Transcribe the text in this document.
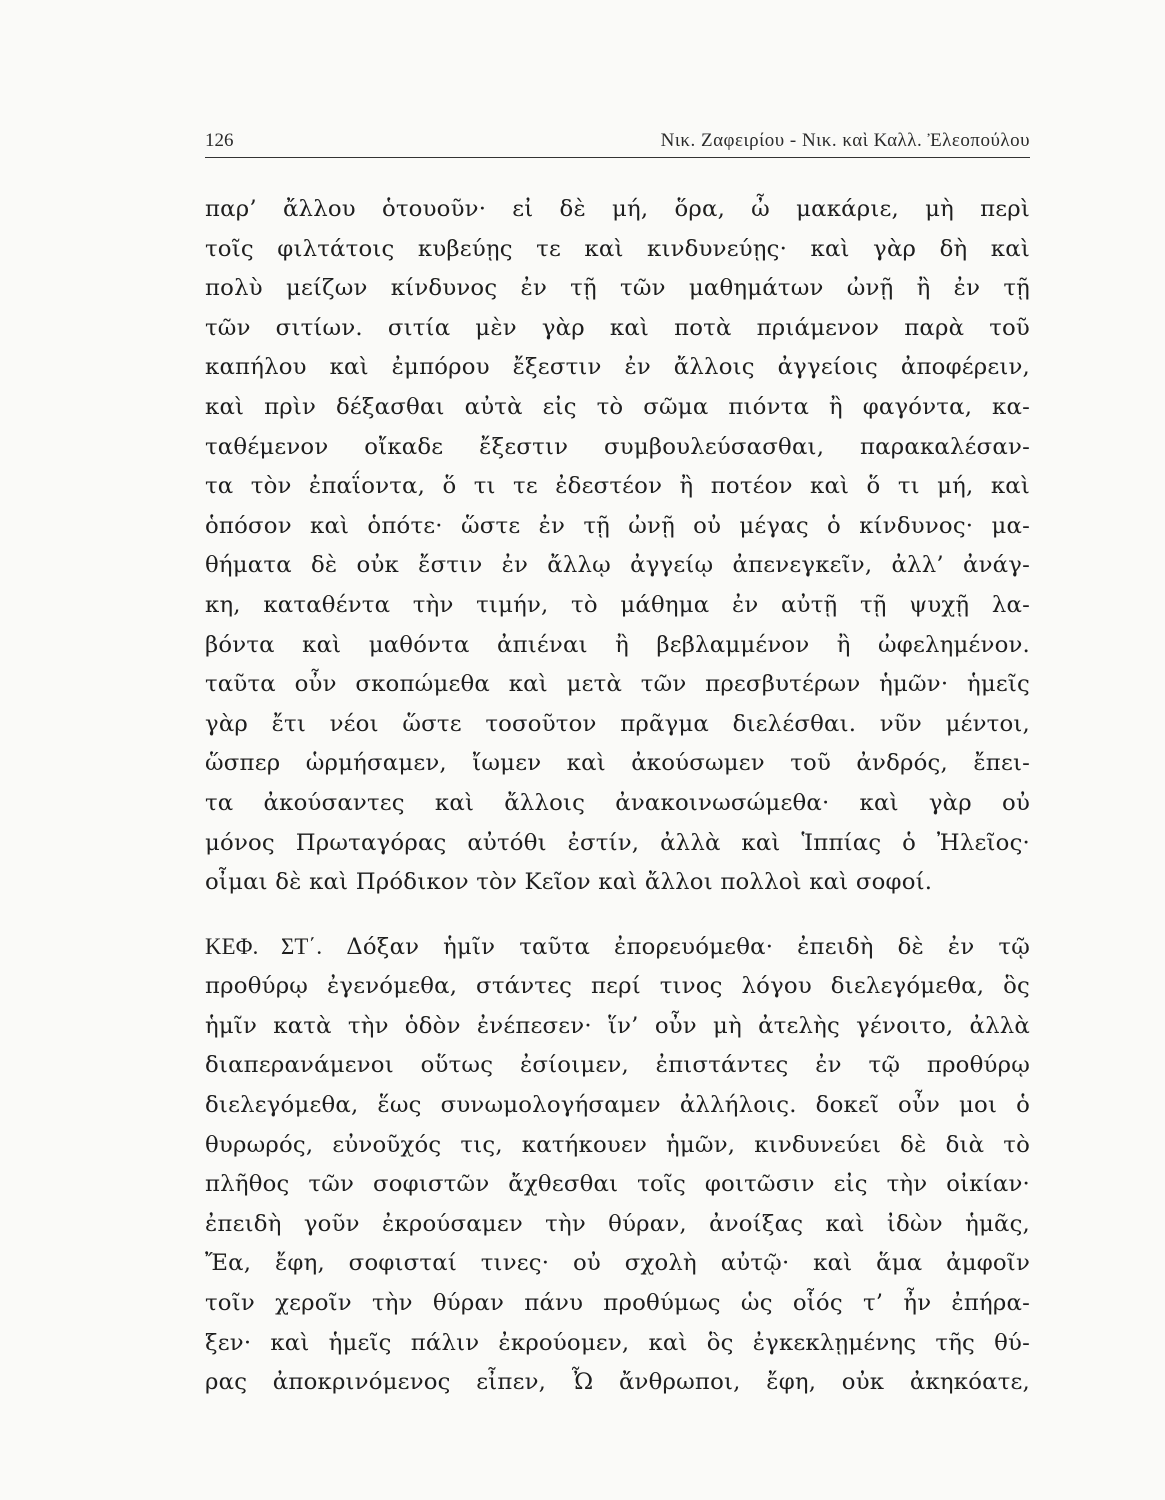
126	Νικ. Ζαφειρίου - Νικ. καὶ Καλλ. Ἐλεοπούλου
παρ’ ἄλλου ὁτουοῦν· εἰ δὲ μή, ὅρα, ὦ μακάριε, μὴ περὶ
τοῖς φιλτάτοις κυβεύῃς τε καὶ κινδυνεύῃς· καὶ γὰρ δὴ καὶ
πολὺ μείζων κίνδυνος ἐν τῇ τῶν μαθημάτων ὠνῇ ἢ ἐν τῇ
τῶν σιτίων. σιτία μὲν γὰρ καὶ ποτὰ πριάμενον παρὰ τοῦ
καπήλου καὶ ἐμπόρου ἔξεστιν ἐν ἄλλοις ἀγγείοις ἀποφέρειν,
καὶ πρὶν δέξασθαι αὐτὰ εἰς τὸ σῶμα πιόντα ἢ φαγόντα, κα-
ταθέμενον οἴκαδε ἔξεστιν συμβουλεύσασθαι, παρακαλέσαν-
τα τὸν ἐπαΐοντα, ὅ τι τε ἐδεστέον ἢ ποτέον καὶ ὅ τι μή, καὶ
ὁπόσον καὶ ὁπότε· ὥστε ἐν τῇ ὠνῇ οὐ μέγας ὁ κίνδυνος· μα-
θήματα δὲ οὐκ ἔστιν ἐν ἄλλῳ ἀγγείῳ ἀπενεγκεῖν, ἀλλ’ ἀνάγ-
κη, καταθέντα τὴν τιμήν, τὸ μάθημα ἐν αὐτῇ τῇ ψυχῇ λα-
βόντα καὶ μαθόντα ἀπιέναι ἢ βεβλαμμένον ἢ ὠφελημένον.
ταῦτα οὖν σκοπώμεθα καὶ μετὰ τῶν πρεσβυτέρων ἡμῶν· ἡμεῖς
γὰρ ἔτι νέοι ὥστε τοσοῦτον πρᾶγμα διελέσθαι. νῦν μέντοι,
ὥσπερ ὡρμήσαμεν, ἴωμεν καὶ ἀκούσωμεν τοῦ ἀνδρός, ἔπει-
τα ἀκούσαντες καὶ ἄλλοις ἀνακοινωσώμεθα· καὶ γὰρ οὐ
μόνος Πρωταγόρας αὐτόθι ἐστίν, ἀλλὰ καὶ Ἱππίας ὁ Ἠλεῖος·
οἶμαι δὲ καὶ Πρόδικον τὸν Κεῖον καὶ ἄλλοι πολλοὶ καὶ σοφοί.
ΚΕΦ. ΣΤ΄. Δόξαν ἡμῖν ταῦτα ἐπορευόμεθα· ἐπειδὴ δὲ ἐν τῷ
προθύρῳ ἐγενόμεθα, στάντες περί τινος λόγου διελεγόμεθα, ὃς
ἡμῖν κατὰ τὴν ὁδὸν ἐνέπεσεν· ἵν’ οὖν μὴ ἀτελὴς γένοιτο, ἀλλὰ
διαπερανάμενοι οὕτως ἐσίοιμεν, ἐπιστάντες ἐν τῷ προθύρῳ
διελεγόμεθα, ἕως συνωμολογήσαμεν ἀλλήλοις. δοκεῖ οὖν μοι ὁ
θυρωρός, εὐνοῦχός τις, κατήκουεν ἡμῶν, κινδυνεύει δὲ διὰ τὸ
πλῆθος τῶν σοφιστῶν ἄχθεσθαι τοῖς φοιτῶσιν εἰς τὴν οἰκίαν·
ἐπειδὴ γοῦν ἐκρούσαμεν τὴν θύραν, ἀνοίξας καὶ ἰδὼν ἡμᾶς,
Ἔα, ἔφη, σοφισταί τινες· οὐ σχολὴ αὐτῷ· καὶ ἅμα ἀμφοῖν
τοῖν χεροῖν τὴν θύραν πάνυ προθύμως ὡς οἷός τ’ ἦν ἐπήρα-
ξεν· καὶ ἡμεῖς πάλιν ἐκρούομεν, καὶ ὃς ἐγκεκλῃμένης τῆς θύ-
ρας ἀποκρινόμενος εἶπεν, Ὦ ἄνθρωποι, ἔφη, οὐκ ἀκηκόατε,
